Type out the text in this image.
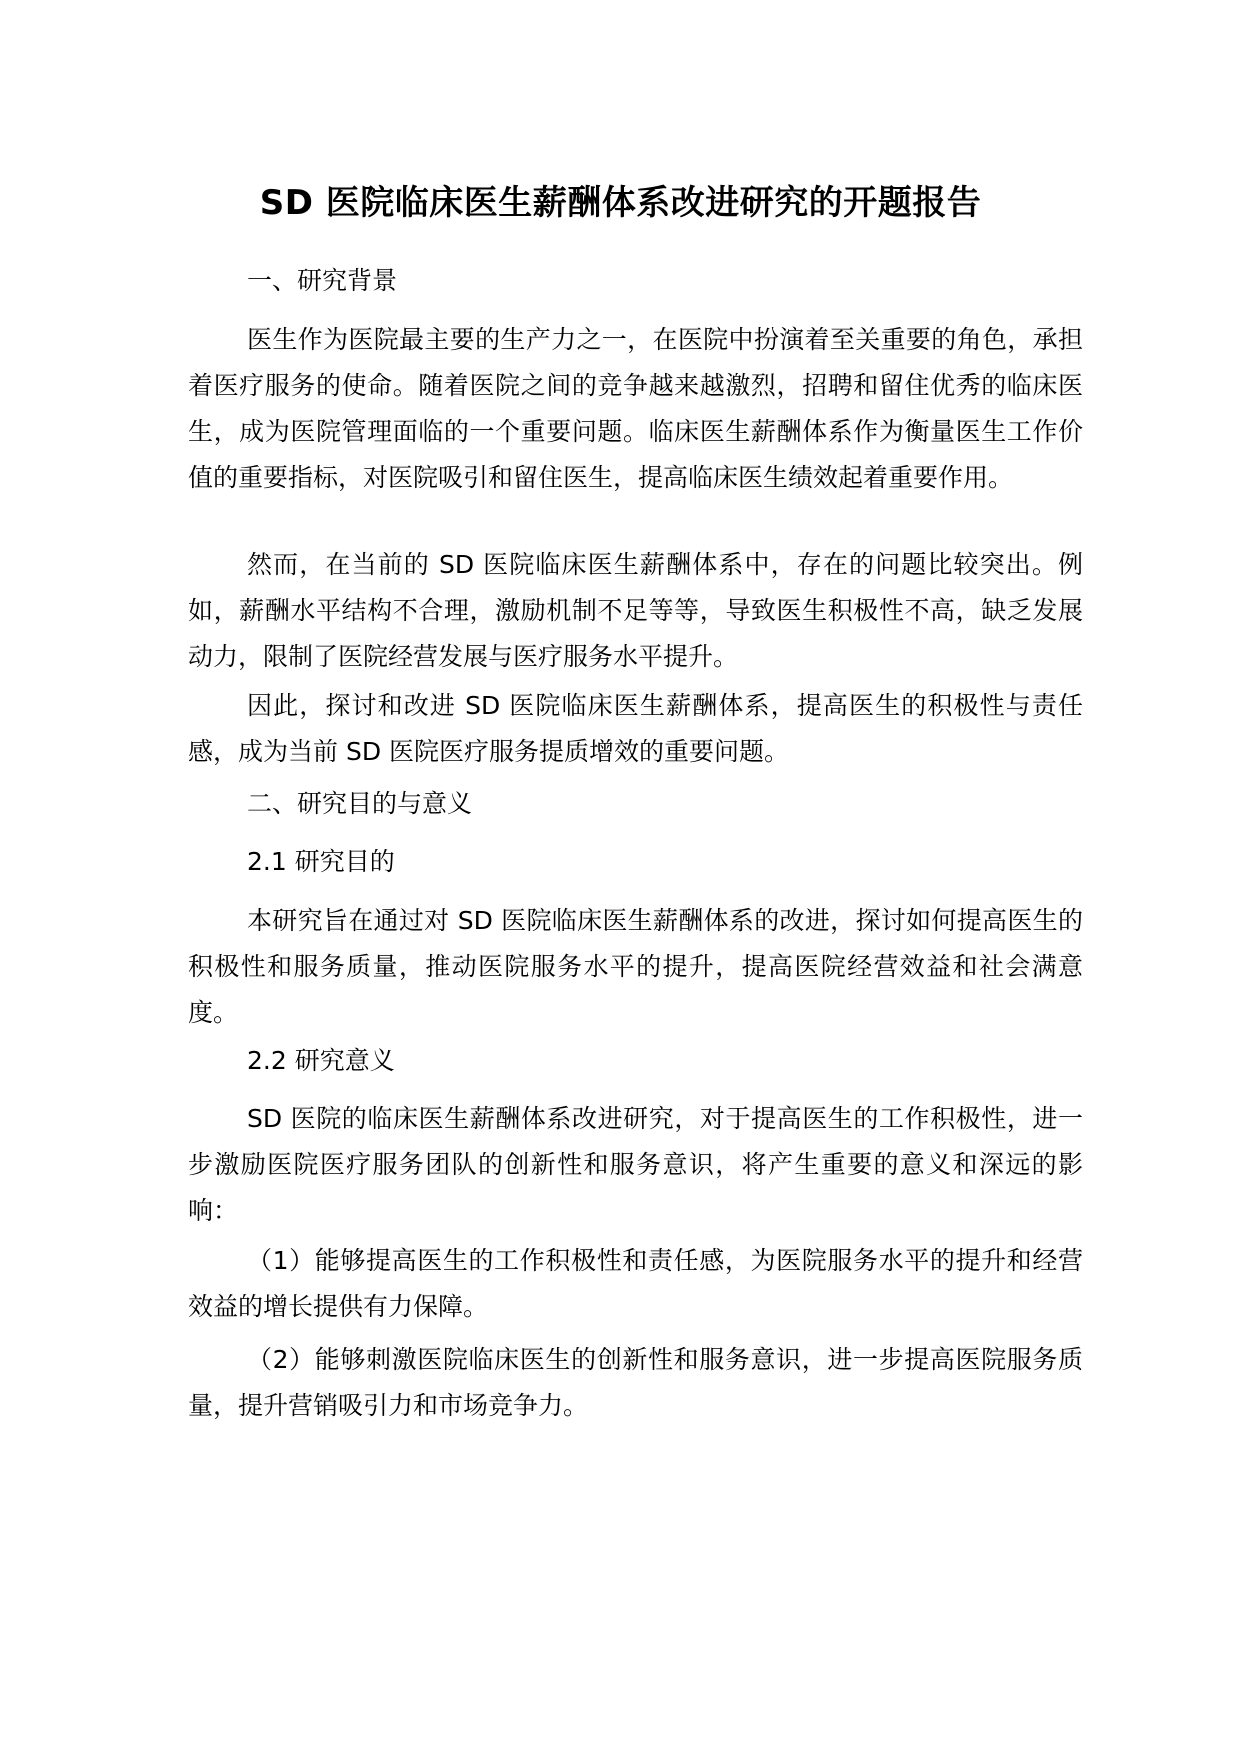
SD 医院临床医生薪酬体系改进研究的开题报告

一、研究背景

医生作为医院最主要的生产力之一，在医院中扮演着至关重要的角色，承担着医疗服务的使命。随着医院之间的竞争越来越激烈，招聘和留住优秀的临床医生，成为医院管理面临的一个重要问题。临床医生薪酬体系作为衡量医生工作价值的重要指标，对医院吸引和留住医生，提高临床医生绩效起着重要作用。

然而，在当前的 SD 医院临床医生薪酬体系中，存在的问题比较突出。例如，薪酬水平结构不合理，激励机制不足等等，导致医生积极性不高，缺乏发展动力，限制了医院经营发展与医疗服务水平提升。

因此，探讨和改进 SD 医院临床医生薪酬体系，提高医生的积极性与责任感，成为当前 SD 医院医疗服务提质增效的重要问题。

二、研究目的与意义

2.1 研究目的

本研究旨在通过对 SD 医院临床医生薪酬体系的改进，探讨如何提高医生的积极性和服务质量，推动医院服务水平的提升，提高医院经营效益和社会满意度。

2.2 研究意义

SD 医院的临床医生薪酬体系改进研究，对于提高医生的工作积极性，进一步激励医院医疗服务团队的创新性和服务意识，将产生重要的意义和深远的影响：

（1）能够提高医生的工作积极性和责任感，为医院服务水平的提升和经营效益的增长提供有力保障。

（2）能够刺激医院临床医生的创新性和服务意识，进一步提高医院服务质量，提升营销吸引力和市场竞争力。
